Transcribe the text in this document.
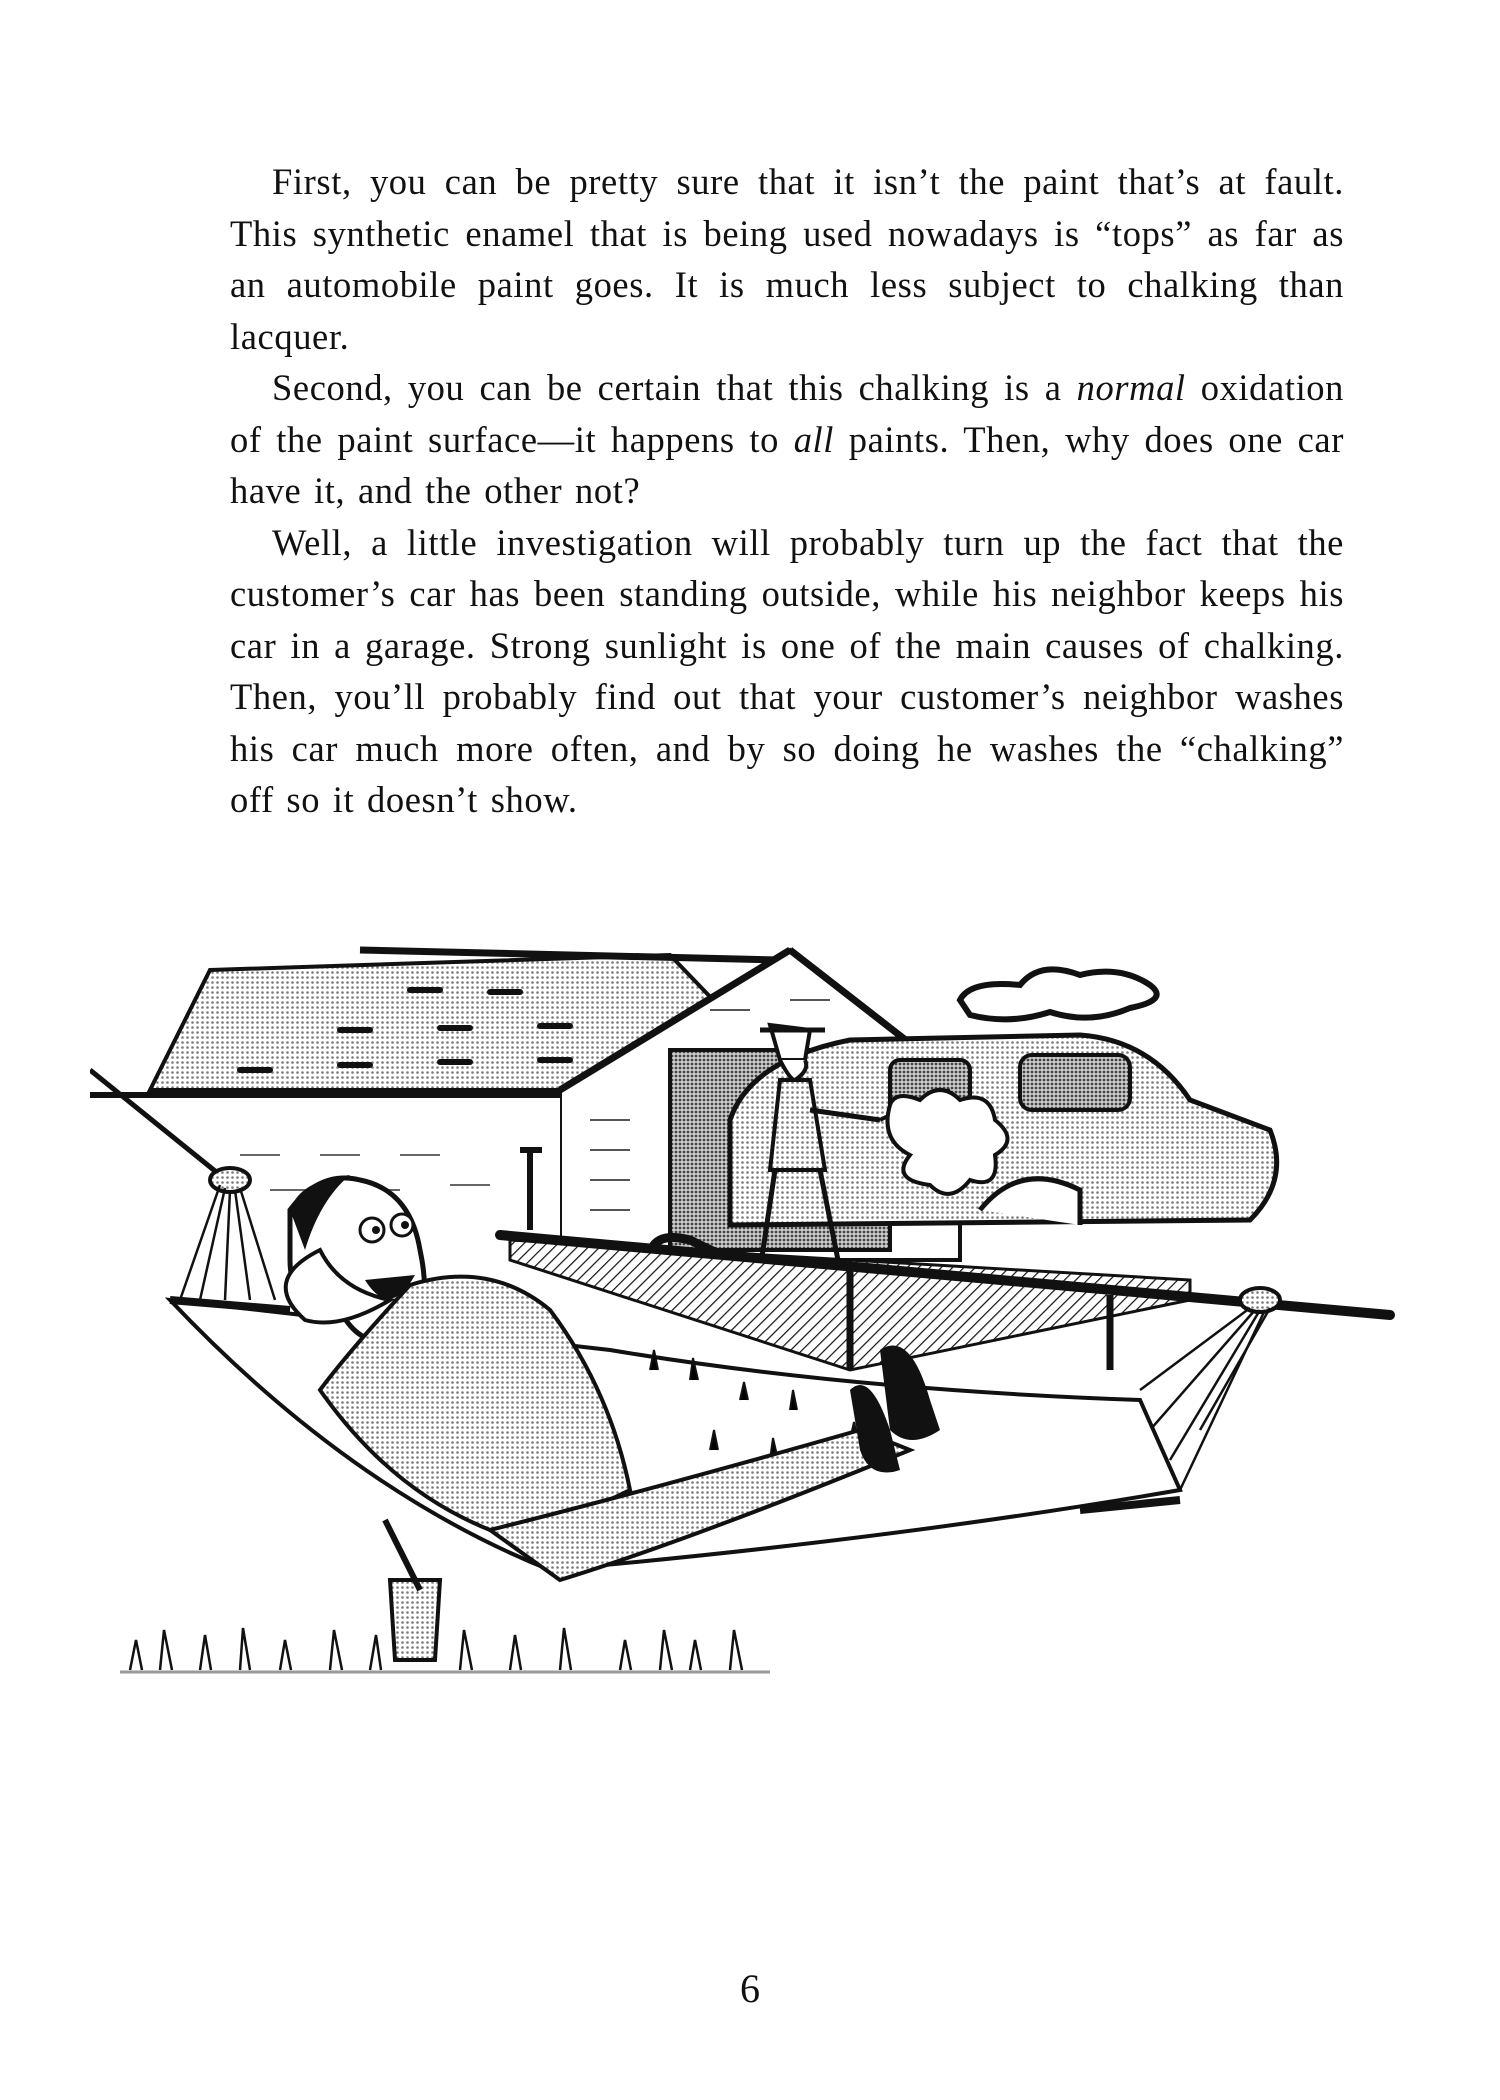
First, you can be pretty sure that it isn’t the paint that’s at fault. This synthetic enamel that is being used nowadays is “tops” as far as an automobile paint goes. It is much less subject to chalking than lacquer.

Second, you can be certain that this chalking is a normal oxidation of the paint surface—it happens to all paints. Then, why does one car have it, and the other not?

Well, a little investigation will probably turn up the fact that the customer’s car has been standing outside, while his neighbor keeps his car in a garage. Strong sunlight is one of the main causes of chalking. Then, you’ll probably find out that your customer’s neighbor washes his car much more often, and by so doing he washes the “chalking” off so it doesn’t show.

6
